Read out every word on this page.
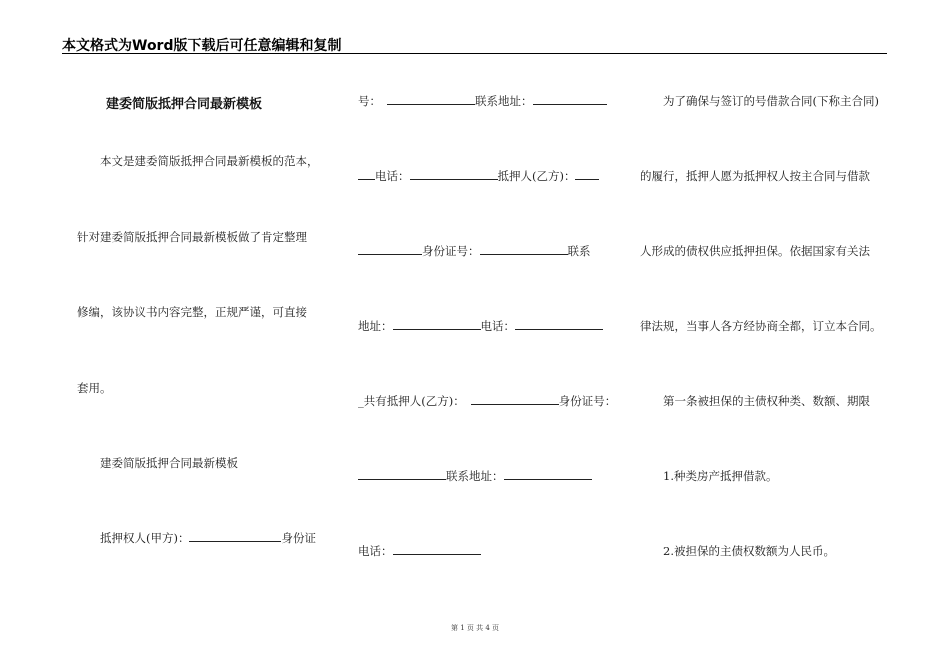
本文格式为Word版下载后可任意编辑和复制
建委简版抵押合同最新模板
本文是建委简版抵押合同最新模板的范本，
针对建委简版抵押合同最新模板做了肯定整理
修编，该协议书内容完整，正规严谨，可直接
套用。
建委简版抵押合同最新模板
抵押权人(甲方)：	身份证
号：	联系地址：
电话：	抵押人(乙方)：
身份证号：	联系
地址：	电话：
_共有抵押人(乙方)：	身份证号：
联系地址：
电话：
为了确保与签订的号借款合同(下称主合同)
的履行，抵押人愿为抵押权人按主合同与借款
人形成的债权供应抵押担保。依据国家有关法
律法规，当事人各方经协商全都，订立本合同。
第一条被担保的主债权种类、数额、期限
1.种类房产抵押借款。
2.被担保的主债权数额为人民币。
第 1 页 共 4 页
